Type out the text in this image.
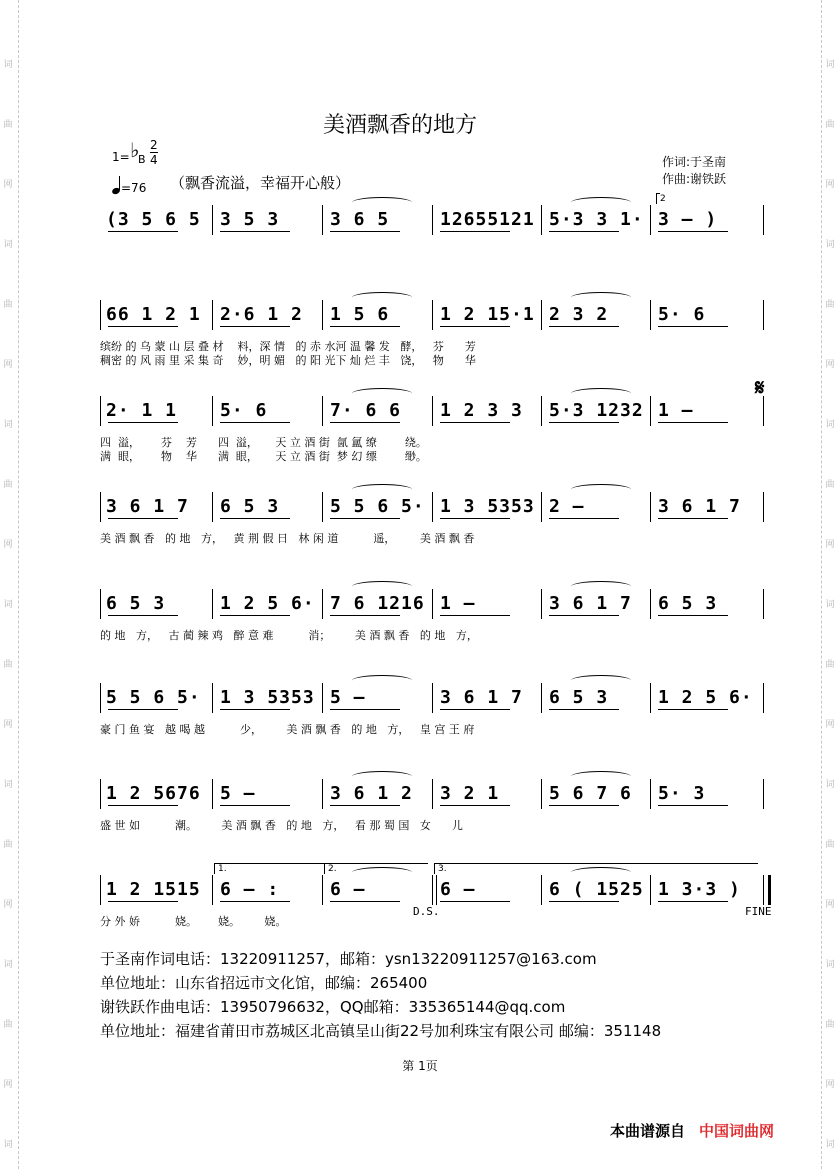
词
曲
网
词
曲
网
词
曲
网
词
曲
网
词
曲
网
词
曲
网
词
词
曲
网
词
曲
网
词
曲
网
词
曲
网
词
曲
网
词
曲
网
词
美酒飘香的地方
1= ♭
B
2
4
=76 （飘香流溢，幸福开心般）
作词:于圣南
作曲:谢铁跃
(3 5 6 5 3 5 3	3 6 5	12655121 5·3 3 1· 3 – )
2
66 1 2 1 2·6 1 2 1 5 6	1 2 15·1 2 3 2	5· 6
缤纷 的 乌 蒙 山 层 叠 材    料，深 情   的 赤 水河 温 馨 发   酵，   芬      芳
稠密 的 风 雨 里 采 集 奇    妙，明 媚   的 阳 光下 灿 烂 丰   饶，   物      华
2· 1 1 5· 6	7· 6 6 1 2 3 3 5·3 1232 1 –
四  溢，      芬    芳      四  溢，     天 立 酒 街  氤 氲 缭        绕。
满  眼，      物    华      满  眼，     天 立 酒 街  梦 幻 缥        缈。
3 6 1 7 6 5 3	5 5 6 5· 1 3 5353 2 –	3 6 1 7
美 酒 飘 香   的 地   方，   黄 荆 假 日   林 闲 道          遥，       美 酒 飘 香
6 5 3	1 2 5 6· 7 6 1216 1 –	3 6 1 7 6 5 3
的 地   方，   古 蔺 辣 鸡   醉 意 难          消；       美 酒 飘 香   的 地   方，
5 5 6 5· 1 3 5353 5 –	3 6 1 7 6 5 3	1 2 5 6·
豪 门 鱼 宴   越 喝 越          少，       美 酒 飘 香   的 地   方，   皇 宫 王 府
1 2 5676 5 –	3 6 1 2 3 2 1	5 6 7 6 5· 3
盛 世 如          潮。       美 酒 飘 香   的 地   方，   看 那 蜀 国   女      儿
1 2 1515 6 – :	6 –	6 –	6 ( 1525 1 3·3 )
分 外 娇          娆。      娆。       娆。
1.	2.	3.
D.S.	FINE
𝄋
于圣南作词电话：13220911257，邮箱：ysn13220911257@163.com
单位地址：山东省招远市文化馆，邮编：265400
谢铁跃作曲电话：13950796632，QQ邮箱：335365144@qq.com
单位地址：福建省莆田市荔城区北高镇呈山街22号加利珠宝有限公司 邮编：351148
第 1页
本曲谱源自 中国词曲网
